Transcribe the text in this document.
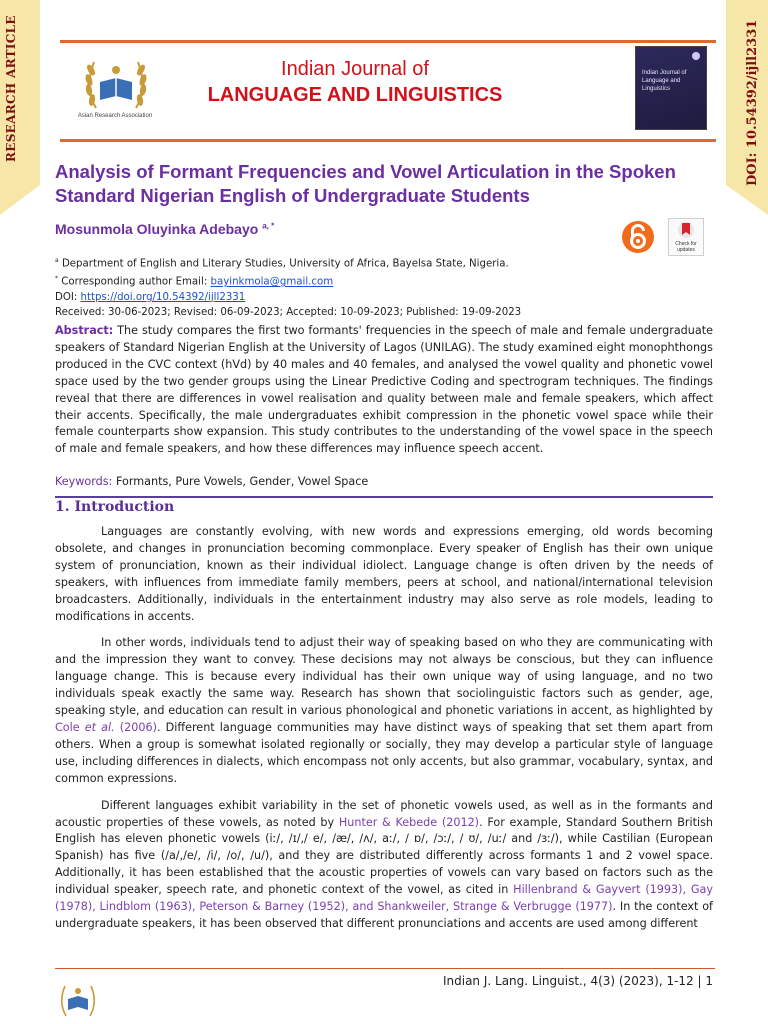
RESEARCH ARTICLE	DOI: 10.54392/ijll2331
Asian Research Association
Indian Journal of
LANGUAGE AND LINGUISTICS
Indian Journal of Language and Linguistics
Analysis of Formant Frequencies and Vowel Articulation in the Spoken Standard Nigerian English of Undergraduate Students
Mosunmola Oluyinka Adebayo $^{a, *}$
Check for updates
$^a$ Department of English and Literary Studies, University of Africa, Bayelsa State, Nigeria.
* Corresponding author Email: bayinkmola@gmail.com
DOI: https://doi.org/10.54392/ijll2331
Received: 30-06-2023; Revised: 06-09-2023; Accepted: 10-09-2023; Published: 19-09-2023
Abstract: The study compares the first two formants' frequencies in the speech of male and female undergraduate speakers of Standard Nigerian English at the University of Lagos (UNILAG). The study examined eight monophthongs produced in the CVC context (hVd) by 40 males and 40 females, and analysed the vowel quality and phonetic vowel space used by the two gender groups using the Linear Predictive Coding and spectrogram techniques. The findings reveal that there are differences in vowel realisation and quality between male and female speakers, which affect their accents. Specifically, the male undergraduates exhibit compression in the phonetic vowel space while their female counterparts show expansion. This study contributes to the understanding of the vowel space in the speech of male and female speakers, and how these differences may influence speech accent.
Keywords: Formants, Pure Vowels, Gender, Vowel Space
1. Introduction

Languages are constantly evolving, with new words and expressions emerging, old words becoming obsolete, and changes in pronunciation becoming commonplace. Every speaker of English has their own unique system of pronunciation, known as their individual idiolect. Language change is often driven by the needs of speakers, with influences from immediate family members, peers at school, and national/international television broadcasters. Additionally, individuals in the entertainment industry may also serve as role models, leading to modifications in accents.

In other words, individuals tend to adjust their way of speaking based on who they are communicating with and the impression they want to convey. These decisions may not always be conscious, but they can influence language change. This is because every individual has their own unique way of using language, and no two individuals speak exactly the same way. Research has shown that sociolinguistic factors such as gender, age, speaking style, and education can result in various phonological and phonetic variations in accent, as highlighted by Cole et al. (2006). Different language communities may have distinct ways of speaking that set them apart from others. When a group is somewhat isolated regionally or socially, they may develop a particular style of language use, including differences in dialects, which encompass not only accents, but also grammar, vocabulary, syntax, and common expressions.

Different languages exhibit variability in the set of phonetic vowels used, as well as in the formants and acoustic properties of these vowels, as noted by Hunter & Kebede (2012). For example, Standard Southern British English has eleven phonetic vowels (iː/, /ɪ/,/ e/, /æ/, /ʌ/, aː/, / ɒ/, /ɔː/, / ʊ/, /uː/ and /ɜː/), while Castilian (European Spanish) has five (/a/,/e/, /i/, /o/, /u/), and they are distributed differently across formants 1 and 2 vowel space. Additionally, it has been established that the acoustic properties of vowels can vary based on factors such as the individual speaker, speech rate, and phonetic context of the vowel, as cited in Hillenbrand & Gayvert (1993), Gay (1978), Lindblom (1963), Peterson & Barney (1952), and Shankweiler, Strange & Verbrugge (1977). In the context of undergraduate speakers, it has been observed that different pronunciations and accents are used among different

Indian J. Lang. Linguist., 4(3) (2023), 1-12 | 1
